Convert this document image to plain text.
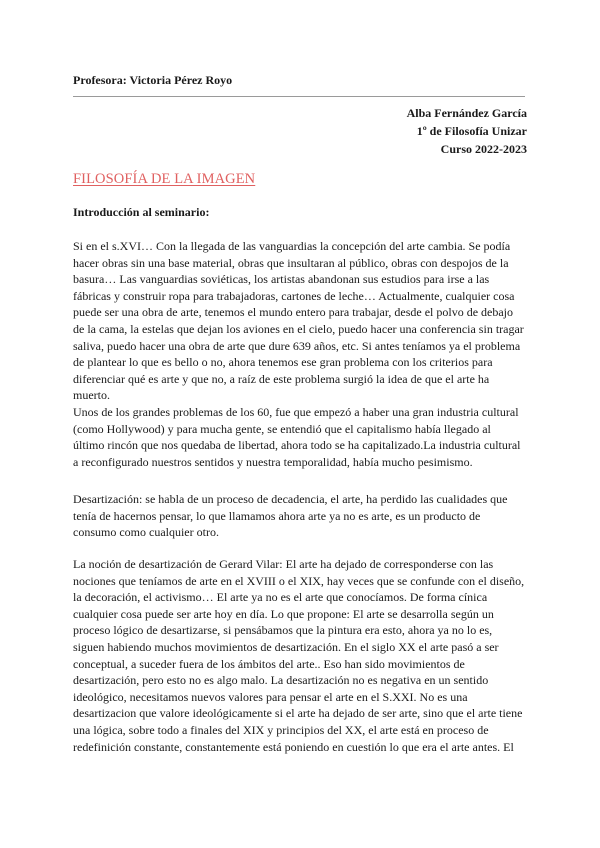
Profesora: Victoria Pérez Royo
Alba Fernández García
1º de Filosofía Unizar
Curso 2022-2023
FILOSOFÍA DE LA IMAGEN
Introducción al seminario:
Si en el s.XVI… Con la llegada de las vanguardias la concepción del arte cambia. Se podía
hacer obras sin una base material, obras que insultaran al público, obras con despojos de la
basura… Las vanguardias soviéticas, los artistas abandonan sus estudios para irse a las
fábricas y construir ropa para trabajadoras, cartones de leche… Actualmente, cualquier cosa
puede ser una obra de arte, tenemos el mundo entero para trabajar, desde el polvo de debajo
de la cama, la estelas que dejan los aviones en el cielo, puedo hacer una conferencia sin tragar
saliva, puedo hacer una obra de arte que dure 639 años, etc. Si antes teníamos ya el problema
de plantear lo que es bello o no, ahora tenemos ese gran problema con los criterios para
diferenciar qué es arte y que no, a raíz de este problema surgió la idea de que el arte ha
muerto.
Unos de los grandes problemas de los 60, fue que empezó a haber una gran industria cultural
(como Hollywood) y para mucha gente, se entendió que el capitalismo había llegado al
último rincón que nos quedaba de libertad, ahora todo se ha capitalizado.La industria cultural
a reconfigurado nuestros sentidos y nuestra temporalidad, había mucho pesimismo.
Desartización: se habla de un proceso de decadencia, el arte, ha perdido las cualidades que
tenía de hacernos pensar, lo que llamamos ahora arte ya no es arte, es un producto de
consumo como cualquier otro.
La noción de desartización de Gerard Vilar: El arte ha dejado de corresponderse con las
nociones que teníamos de arte en el XVIII o el XIX, hay veces que se confunde con el diseño,
la decoración, el activismo… El arte ya no es el arte que conocíamos. De forma cínica
cualquier cosa puede ser arte hoy en día. Lo que propone: El arte se desarrolla según un
proceso lógico de desartizarse, si pensábamos que la pintura era esto, ahora ya no lo es,
siguen habiendo muchos movimientos de desartización. En el siglo XX el arte pasó a ser
conceptual, a suceder fuera de los ámbitos del arte.. Eso han sido movimientos de
desartización, pero esto no es algo malo. La desartización no es negativa en un sentido
ideológico, necesitamos nuevos valores para pensar el arte en el S.XXI. No es una
desartizacion que valore ideológicamente si el arte ha dejado de ser arte, sino que el arte tiene
una lógica, sobre todo a finales del XIX y principios del XX, el arte está en proceso de
redefinición constante, constantemente está poniendo en cuestión lo que era el arte antes. El
